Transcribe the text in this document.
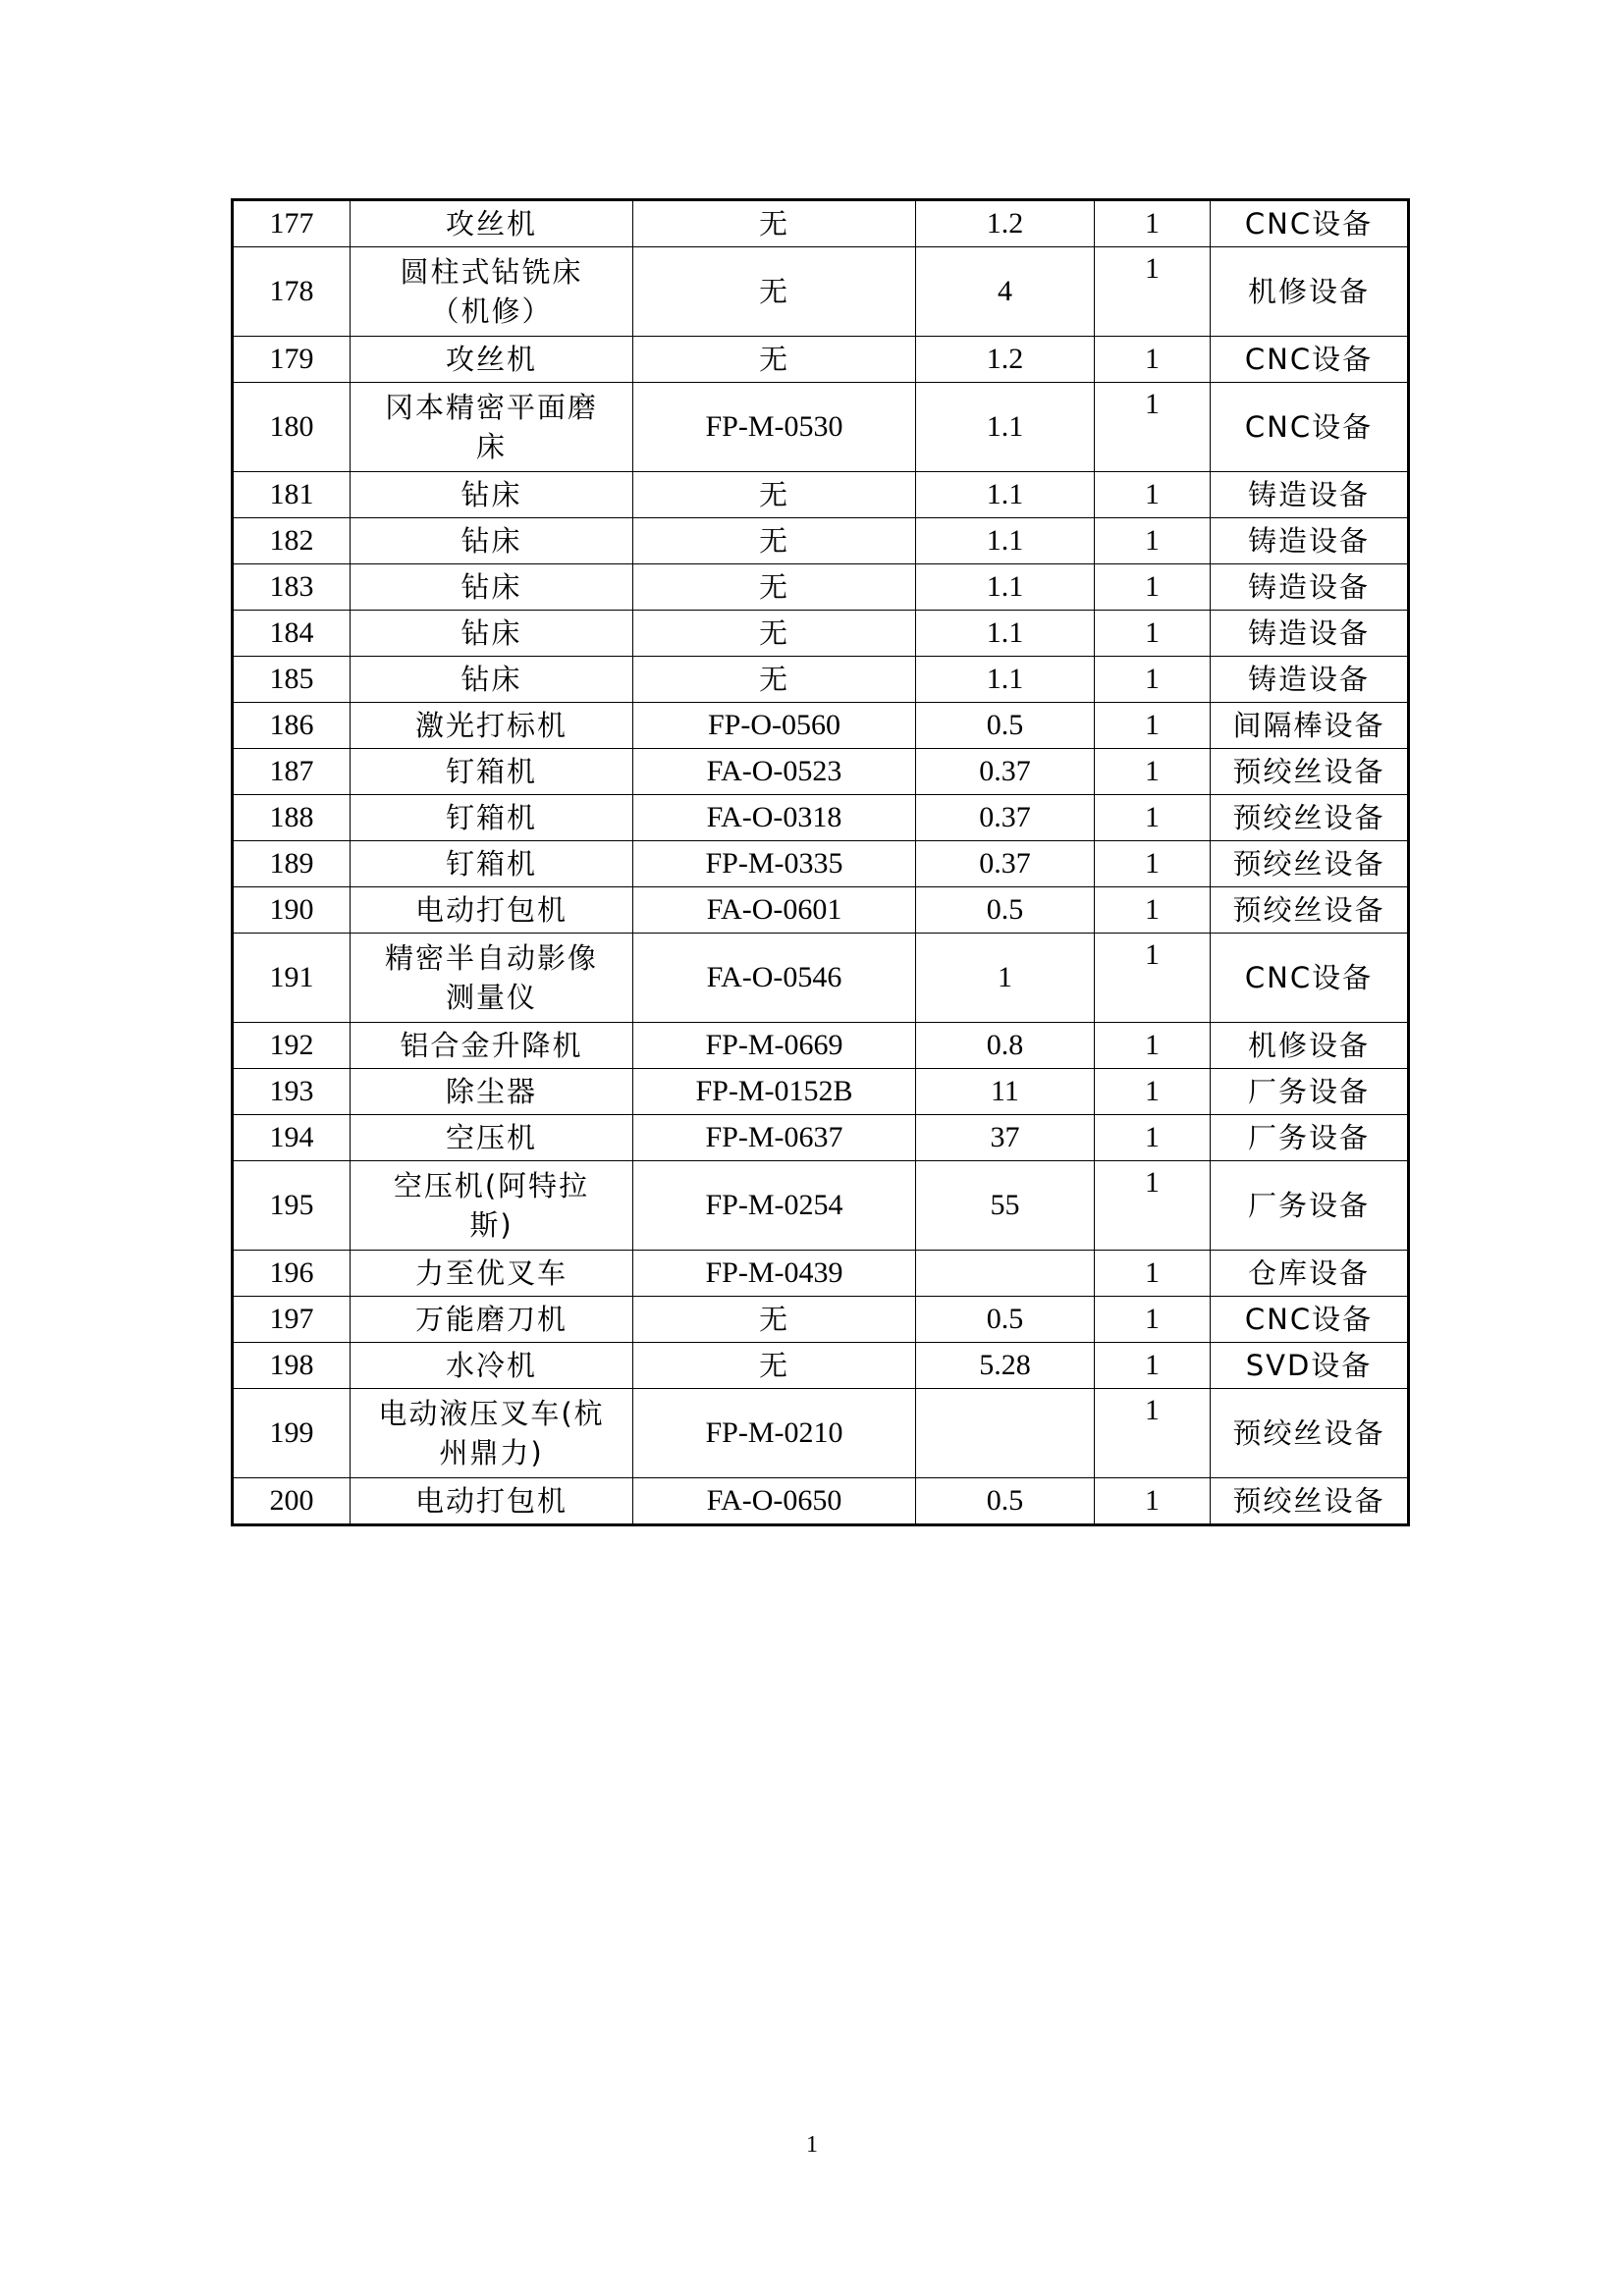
177	攻丝机	无	1.2	1	CNC设备
178	圆柱式钻铣床（机修）	无	4	1	机修设备
179	攻丝机	无	1.2	1	CNC设备
180	冈本精密平面磨床	FP-M-0530	1.1	1	CNC设备
181	钻床	无	1.1	1	铸造设备
182	钻床	无	1.1	1	铸造设备
183	钻床	无	1.1	1	铸造设备
184	钻床	无	1.1	1	铸造设备
185	钻床	无	1.1	1	铸造设备
186	激光打标机	FP-O-0560	0.5	1	间隔棒设备
187	钉箱机	FA-O-0523	0.37	1	预绞丝设备
188	钉箱机	FA-O-0318	0.37	1	预绞丝设备
189	钉箱机	FP-M-0335	0.37	1	预绞丝设备
190	电动打包机	FA-O-0601	0.5	1	预绞丝设备
191	精密半自动影像测量仪	FA-O-0546	1	1	CNC设备
192	铝合金升降机	FP-M-0669	0.8	1	机修设备
193	除尘器	FP-M-0152B	11	1	厂务设备
194	空压机	FP-M-0637	37	1	厂务设备
195	空压机(阿特拉斯)	FP-M-0254	55	1	厂务设备
196	力至优叉车	FP-M-0439		1	仓库设备
197	万能磨刀机	无	0.5	1	CNC设备
198	水冷机	无	5.28	1	SVD设备
199	电动液压叉车(杭州鼎力)	FP-M-0210		1	预绞丝设备
200	电动打包机	FA-O-0650	0.5	1	预绞丝设备
1
